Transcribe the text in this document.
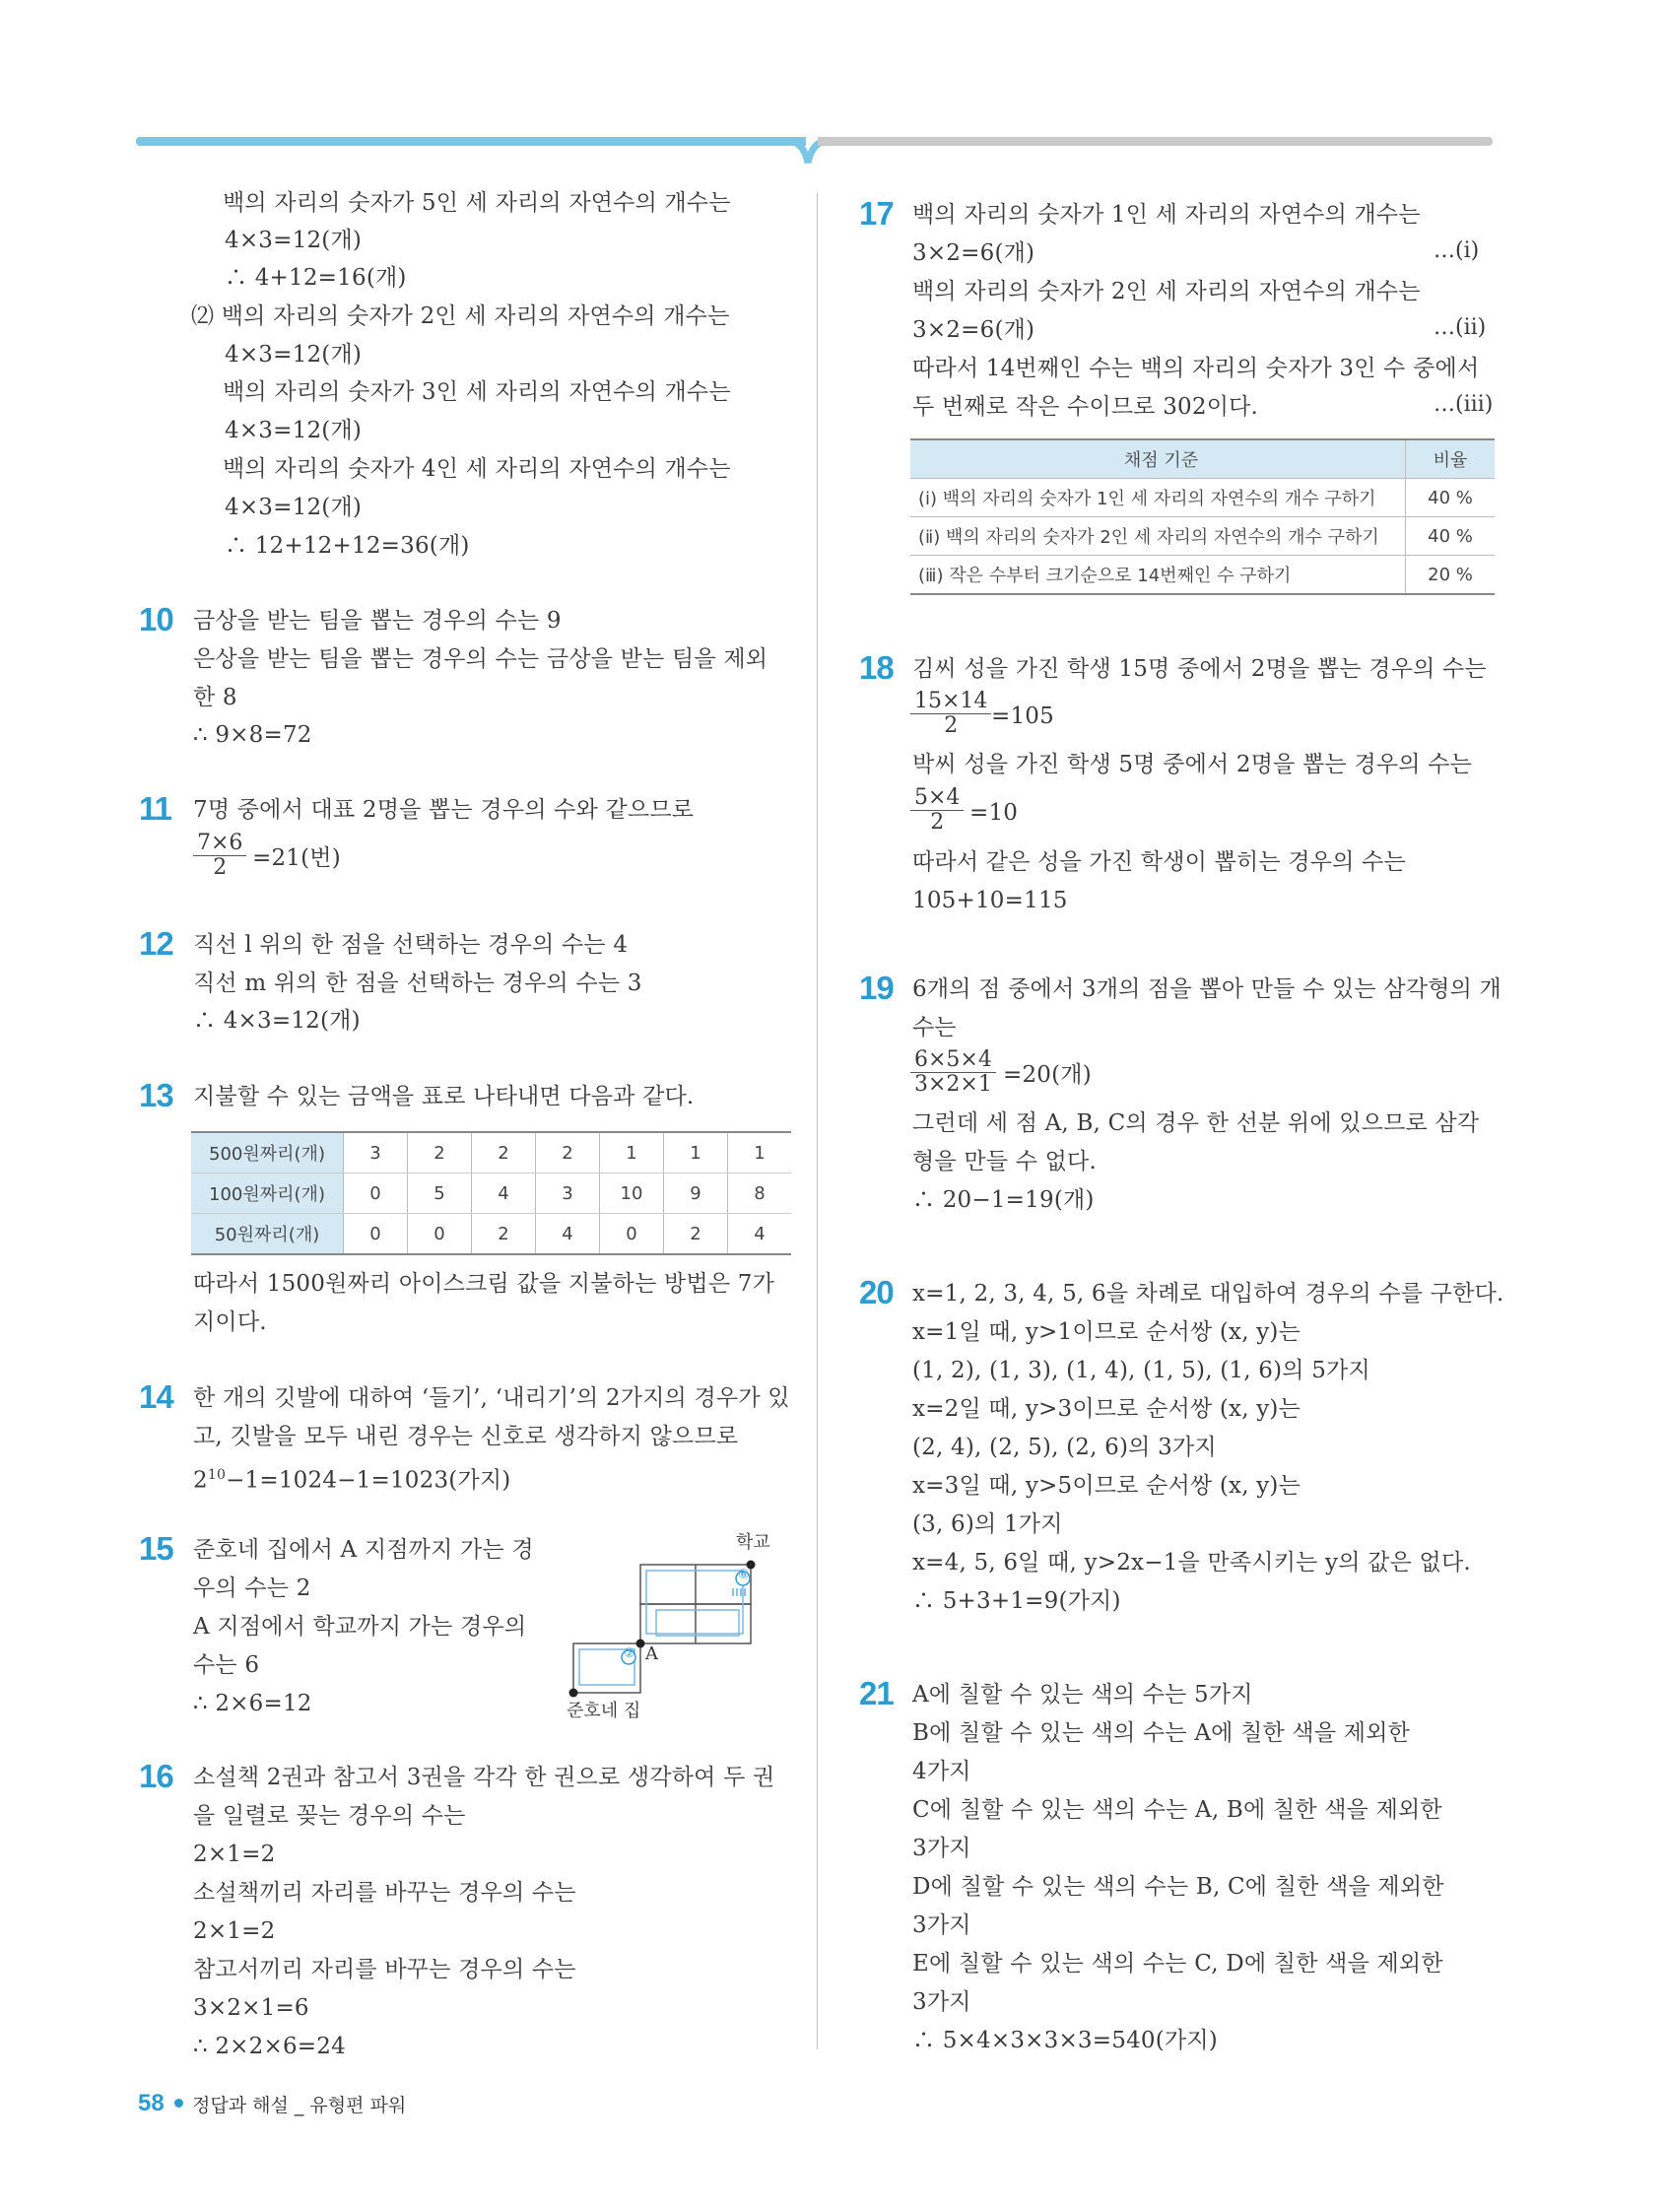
백의 자리의 숫자가 5인 세 자리의 자연수의 개수는
4×3=12(개)
∴ 4+12=16(개)
⑵ 백의 자리의 숫자가 2인 세 자리의 자연수의 개수는
4×3=12(개)
백의 자리의 숫자가 3인 세 자리의 자연수의 개수는
4×3=12(개)
백의 자리의 숫자가 4인 세 자리의 자연수의 개수는
4×3=12(개)
∴ 12+12+12=36(개)
10 금상을 받는 팀을 뽑는 경우의 수는 9
은상을 받는 팀을 뽑는 경우의 수는 금상을 받는 팀을 제외
한 8
∴ 9×8=72
11 7명 중에서 대표 2명을 뽑는 경우의 수와 같으므로
$\frac{7\times 6}{2} =21$(번)
12 직선 l 위의 한 점을 선택하는 경우의 수는 4
직선 m 위의 한 점을 선택하는 경우의 수는 3
∴ 4×3=12(개)
13 지불할 수 있는 금액을 표로 나타내면 다음과 같다.
500원짜리(개)	3	2	2	2	1	1	1
100원짜리(개)	0	5	4	3	10	9	8
50원짜리(개)	0	0	2	4	0	2	4
따라서 1500원짜리 아이스크림 값을 지불하는 방법은 7가
지이다.
14 한 개의 깃발에 대하여 ‘들기’, ‘내리기’의 2가지의 경우가 있
고, 깃발을 모두 내린 경우는 신호로 생각하지 않으므로
$2^{10}-1=1024-1=1023$(가지)
15 준호네 집에서 A 지점까지 가는 경
우의 수는 2
A 지점에서 학교까지 가는 경우의
수는 6
∴ 2×6=12
②
⑥
학교
준호네 집
A
16 소설책 2권과 참고서 3권을 각각 한 권으로 생각하여 두 권
을 일렬로 꽂는 경우의 수는
2×1=2
소설책끼리 자리를 바꾸는 경우의 수는
2×1=2
참고서끼리 자리를 바꾸는 경우의 수는
3×2×1=6
∴ 2×2×6=24
17 백의 자리의 숫자가 1인 세 자리의 자연수의 개수는
3×2=6(개)	…(ⅰ)
백의 자리의 숫자가 2인 세 자리의 자연수의 개수는
3×2=6(개)	…(ⅱ)
따라서 14번째인 수는 백의 자리의 숫자가 3인 수 중에서
두 번째로 작은 수이므로 302이다.	…(ⅲ)
채점 기준	비율
(ⅰ) 백의 자리의 숫자가 1인 세 자리의 자연수의 개수 구하기	40 %
(ⅱ) 백의 자리의 숫자가 2인 세 자리의 자연수의 개수 구하기	40 %
(ⅲ) 작은 수부터 크기순으로 14번째인 수 구하기	20 %
18 김씨 성을 가진 학생 15명 중에서 2명을 뽑는 경우의 수는
$\frac{15\times 14}{2} =105$
박씨 성을 가진 학생 5명 중에서 2명을 뽑는 경우의 수는
$\frac{5\times 4}{2} =10$
따라서 같은 성을 가진 학생이 뽑히는 경우의 수는
105+10=115
19 6개의 점 중에서 3개의 점을 뽑아 만들 수 있는 삼각형의 개
수는
$\frac{6\times 5\times 4}{3\times 2\times 1} =20$(개)
그런데 세 점 A, B, C의 경우 한 선분 위에 있으므로 삼각
형을 만들 수 없다.
∴ 20−1=19(개)
20 x=1, 2, 3, 4, 5, 6을 차례로 대입하여 경우의 수를 구한다.
x=1일 때, y>1이므로 순서쌍 (x, y)는
(1, 2), (1, 3), (1, 4), (1, 5), (1, 6)의 5가지
x=2일 때, y>3이므로 순서쌍 (x, y)는
(2, 4), (2, 5), (2, 6)의 3가지
x=3일 때, y>5이므로 순서쌍 (x, y)는
(3, 6)의 1가지
x=4, 5, 6일 때, y>2x−1을 만족시키는 y의 값은 없다.
∴ 5+3+1=9(가지)
21 A에 칠할 수 있는 색의 수는 5가지
B에 칠할 수 있는 색의 수는 A에 칠한 색을 제외한
4가지
C에 칠할 수 있는 색의 수는 A, B에 칠한 색을 제외한
3가지
D에 칠할 수 있는 색의 수는 B, C에 칠한 색을 제외한
3가지
E에 칠할 수 있는 색의 수는 C, D에 칠한 색을 제외한
3가지
∴ 5×4×3×3×3=540(가지)
58 정답과 해설 _ 유형편 파워
